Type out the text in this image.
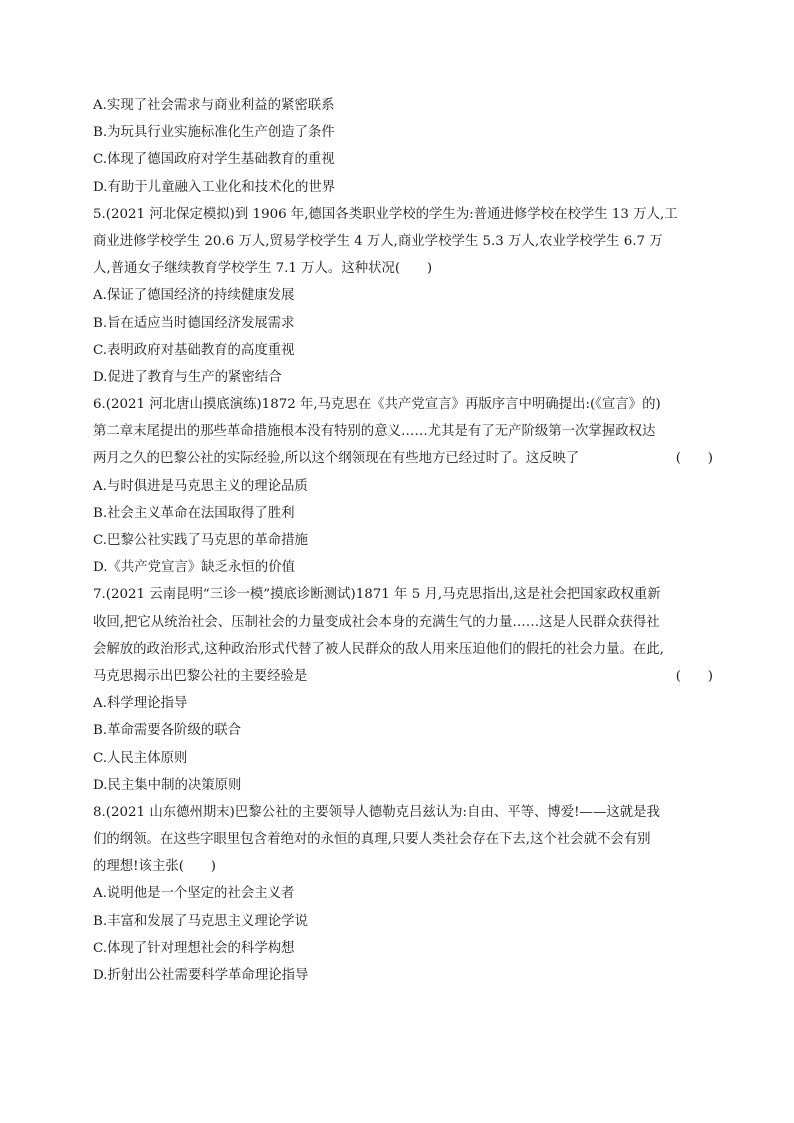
A.实现了社会需求与商业利益的紧密联系
B.为玩具行业实施标准化生产创造了条件
C.体现了德国政府对学生基础教育的重视
D.有助于儿童融入工业化和技术化的世界
5.(2021 河北保定模拟)到 1906 年,德国各类职业学校的学生为:普通进修学校在校学生 13 万人,工
商业进修学校学生 20.6 万人,贸易学校学生 4 万人,商业学校学生 5.3 万人,农业学校学生 6.7 万
人,普通女子继续教育学校学生 7.1 万人。这种状况(　　)
A.保证了德国经济的持续健康发展
B.旨在适应当时德国经济发展需求
C.表明政府对基础教育的高度重视
D.促进了教育与生产的紧密结合
6.(2021 河北唐山摸底演练)1872 年,马克思在《共产党宣言》再版序言中明确提出:(《宣言》的)
第二章末尾提出的那些革命措施根本没有特别的意义……尤其是有了无产阶级第一次掌握政权达
两月之久的巴黎公社的实际经验,所以这个纲领现在有些地方已经过时了。这反映了	(　　)
A.与时俱进是马克思主义的理论品质
B.社会主义革命在法国取得了胜利
C.巴黎公社实践了马克思的革命措施
D.《共产党宣言》缺乏永恒的价值
7.(2021 云南昆明“三诊一模”摸底诊断测试)1871 年 5 月,马克思指出,这是社会把国家政权重新
收回,把它从统治社会、压制社会的力量变成社会本身的充满生气的力量……这是人民群众获得社
会解放的政治形式,这种政治形式代替了被人民群众的敌人用来压迫他们的假托的社会力量。在此,
马克思揭示出巴黎公社的主要经验是	(　　)
A.科学理论指导
B.革命需要各阶级的联合
C.人民主体原则
D.民主集中制的决策原则
8.(2021 山东德州期末)巴黎公社的主要领导人德勒克吕兹认为:自由、平等、博爱!——这就是我
们的纲领。在这些字眼里包含着绝对的永恒的真理,只要人类社会存在下去,这个社会就不会有别
的理想!该主张(　　)
A.说明他是一个坚定的社会主义者
B.丰富和发展了马克思主义理论学说
C.体现了针对理想社会的科学构想
D.折射出公社需要科学革命理论指导
